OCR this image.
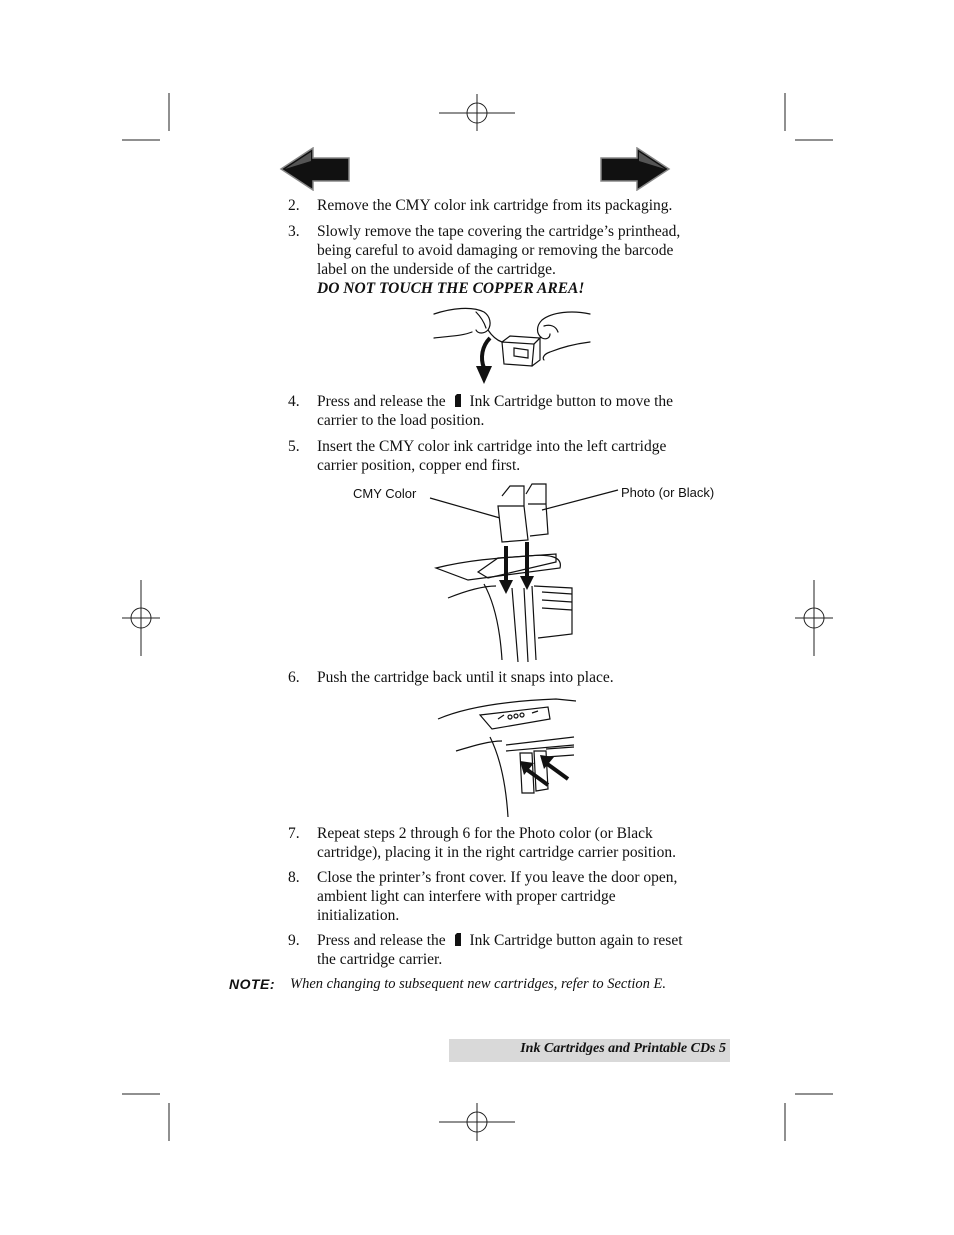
2.	Remove the CMY color ink cartridge from its packaging.
3.	Slowly remove the tape covering the cartridge’s printhead,
being careful to avoid damaging or removing the barcode
label on the underside of the cartridge.
DO NOT TOUCH THE COPPER AREA!
4.	Press and release the Ink Cartridge button to move the
carrier to the load position.
5.	Insert the CMY color ink cartridge into the left cartridge
carrier position, copper end first.
CMY Color	Photo (or Black)
6.	Push the cartridge back until it snaps into place.
7.	Repeat steps 2 through 6 for the Photo color (or Black
cartridge), placing it in the right cartridge carrier position.
8.	Close the printer’s front cover. If you leave the door open,
ambient light can interfere with proper cartridge
initialization.
9.	Press and release the Ink Cartridge button again to reset
the cartridge carrier.
NOTE: When changing to subsequent new cartridges, refer to Section E.
Ink Cartridges and Printable CDs 5
